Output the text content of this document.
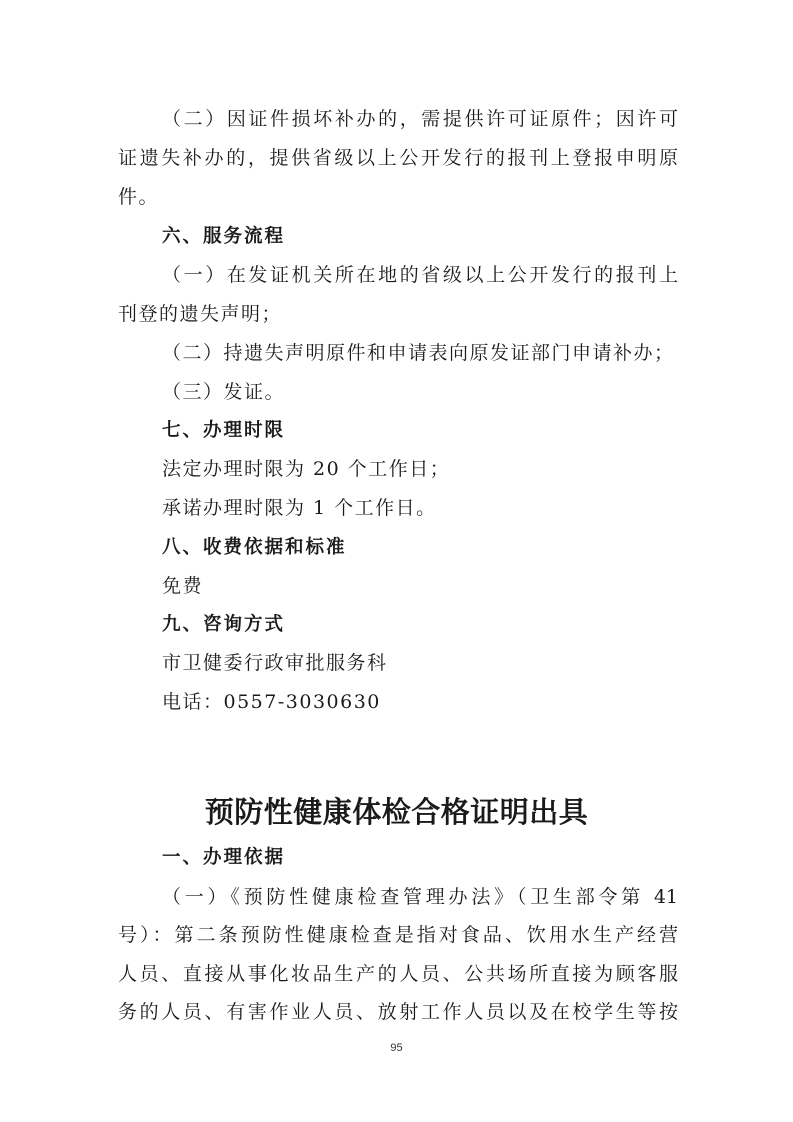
（二）因证件损坏补办的，需提供许可证原件；因许可
证遗失补办的，提供省级以上公开发行的报刊上登报申明原
件。
六、服务流程
（一）在发证机关所在地的省级以上公开发行的报刊上
刊登的遗失声明；
（二）持遗失声明原件和申请表向原发证部门申请补办；
（三）发证。
七、办理时限
法定办理时限为 20 个工作日；
承诺办理时限为 1 个工作日。
八、收费依据和标准
免费
九、咨询方式
市卫健委行政审批服务科
电话：0557-3030630
预防性健康体检合格证明出具
一、办理依据
（一）《预防性健康检查管理办法》（卫生部令第 41
号）：第二条预防性健康检查是指对食品、饮用水生产经营
人员、直接从事化妆品生产的人员、公共场所直接为顾客服
务的人员、有害作业人员、放射工作人员以及在校学生等按
95
